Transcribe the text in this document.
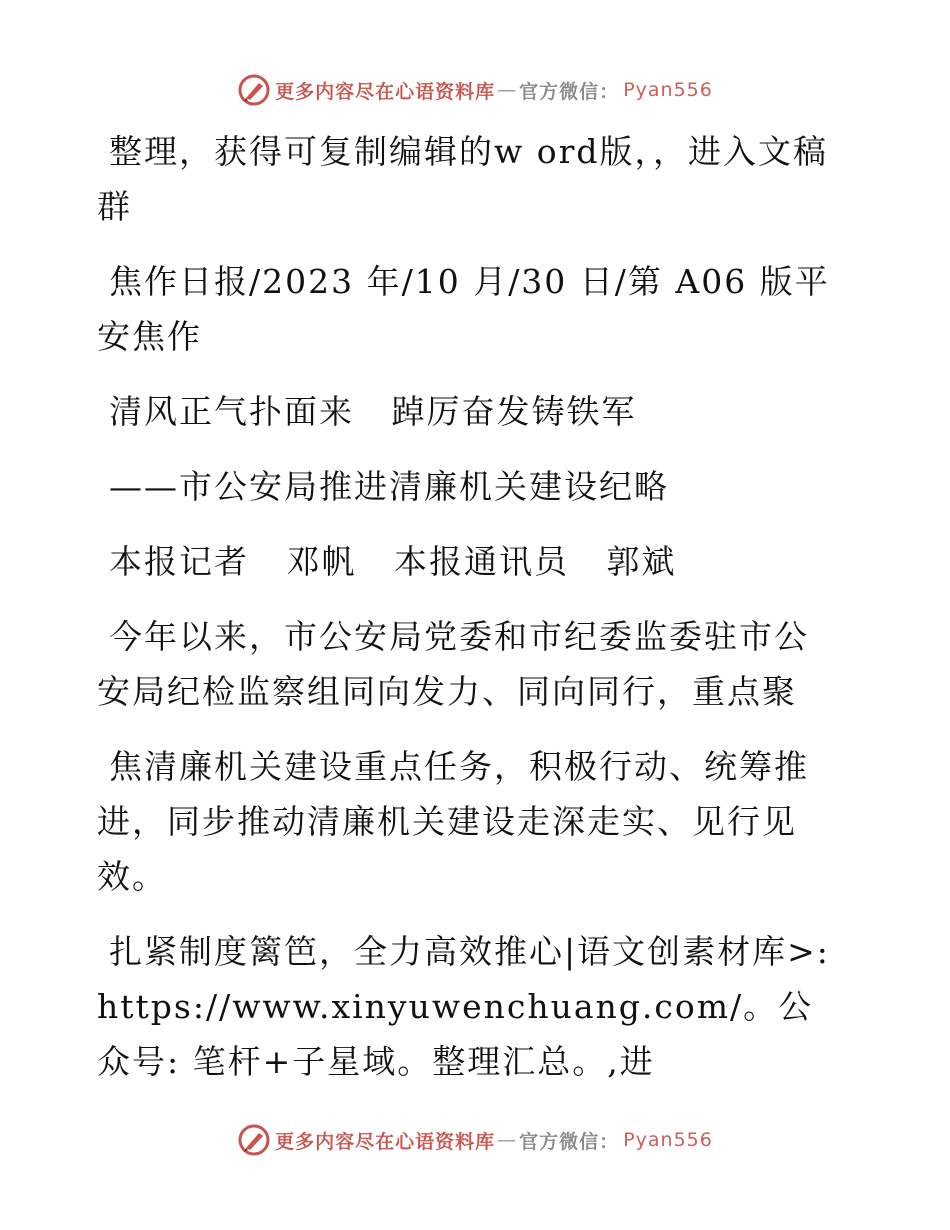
更多内容尽在心语资料库 — 官方微信： Pyan556

整理，获得可复制编辑的w ord版，，进入文稿群

焦作日报/2023 年/10 月/30 日/第 A06 版平安焦作

清风正气扑面来   踔厉奋发铸铁军

——市公安局推进清廉机关建设纪略

本报记者   邓帆   本报通讯员   郭斌

今年以来，市公安局党委和市纪委监委驻市公安局纪检监察组同向发力、同向同行，重点聚

焦清廉机关建设重点任务，积极行动、统筹推进，同步推动清廉机关建设走深走实、见行见效。

扎紧制度篱笆，全力高效推心|语文创素材库>: https://www.xinyuwenchuang.com/。公众号: 笔杆+子星域。整理汇总。,进

更多内容尽在心语资料库 — 官方微信： Pyan556
